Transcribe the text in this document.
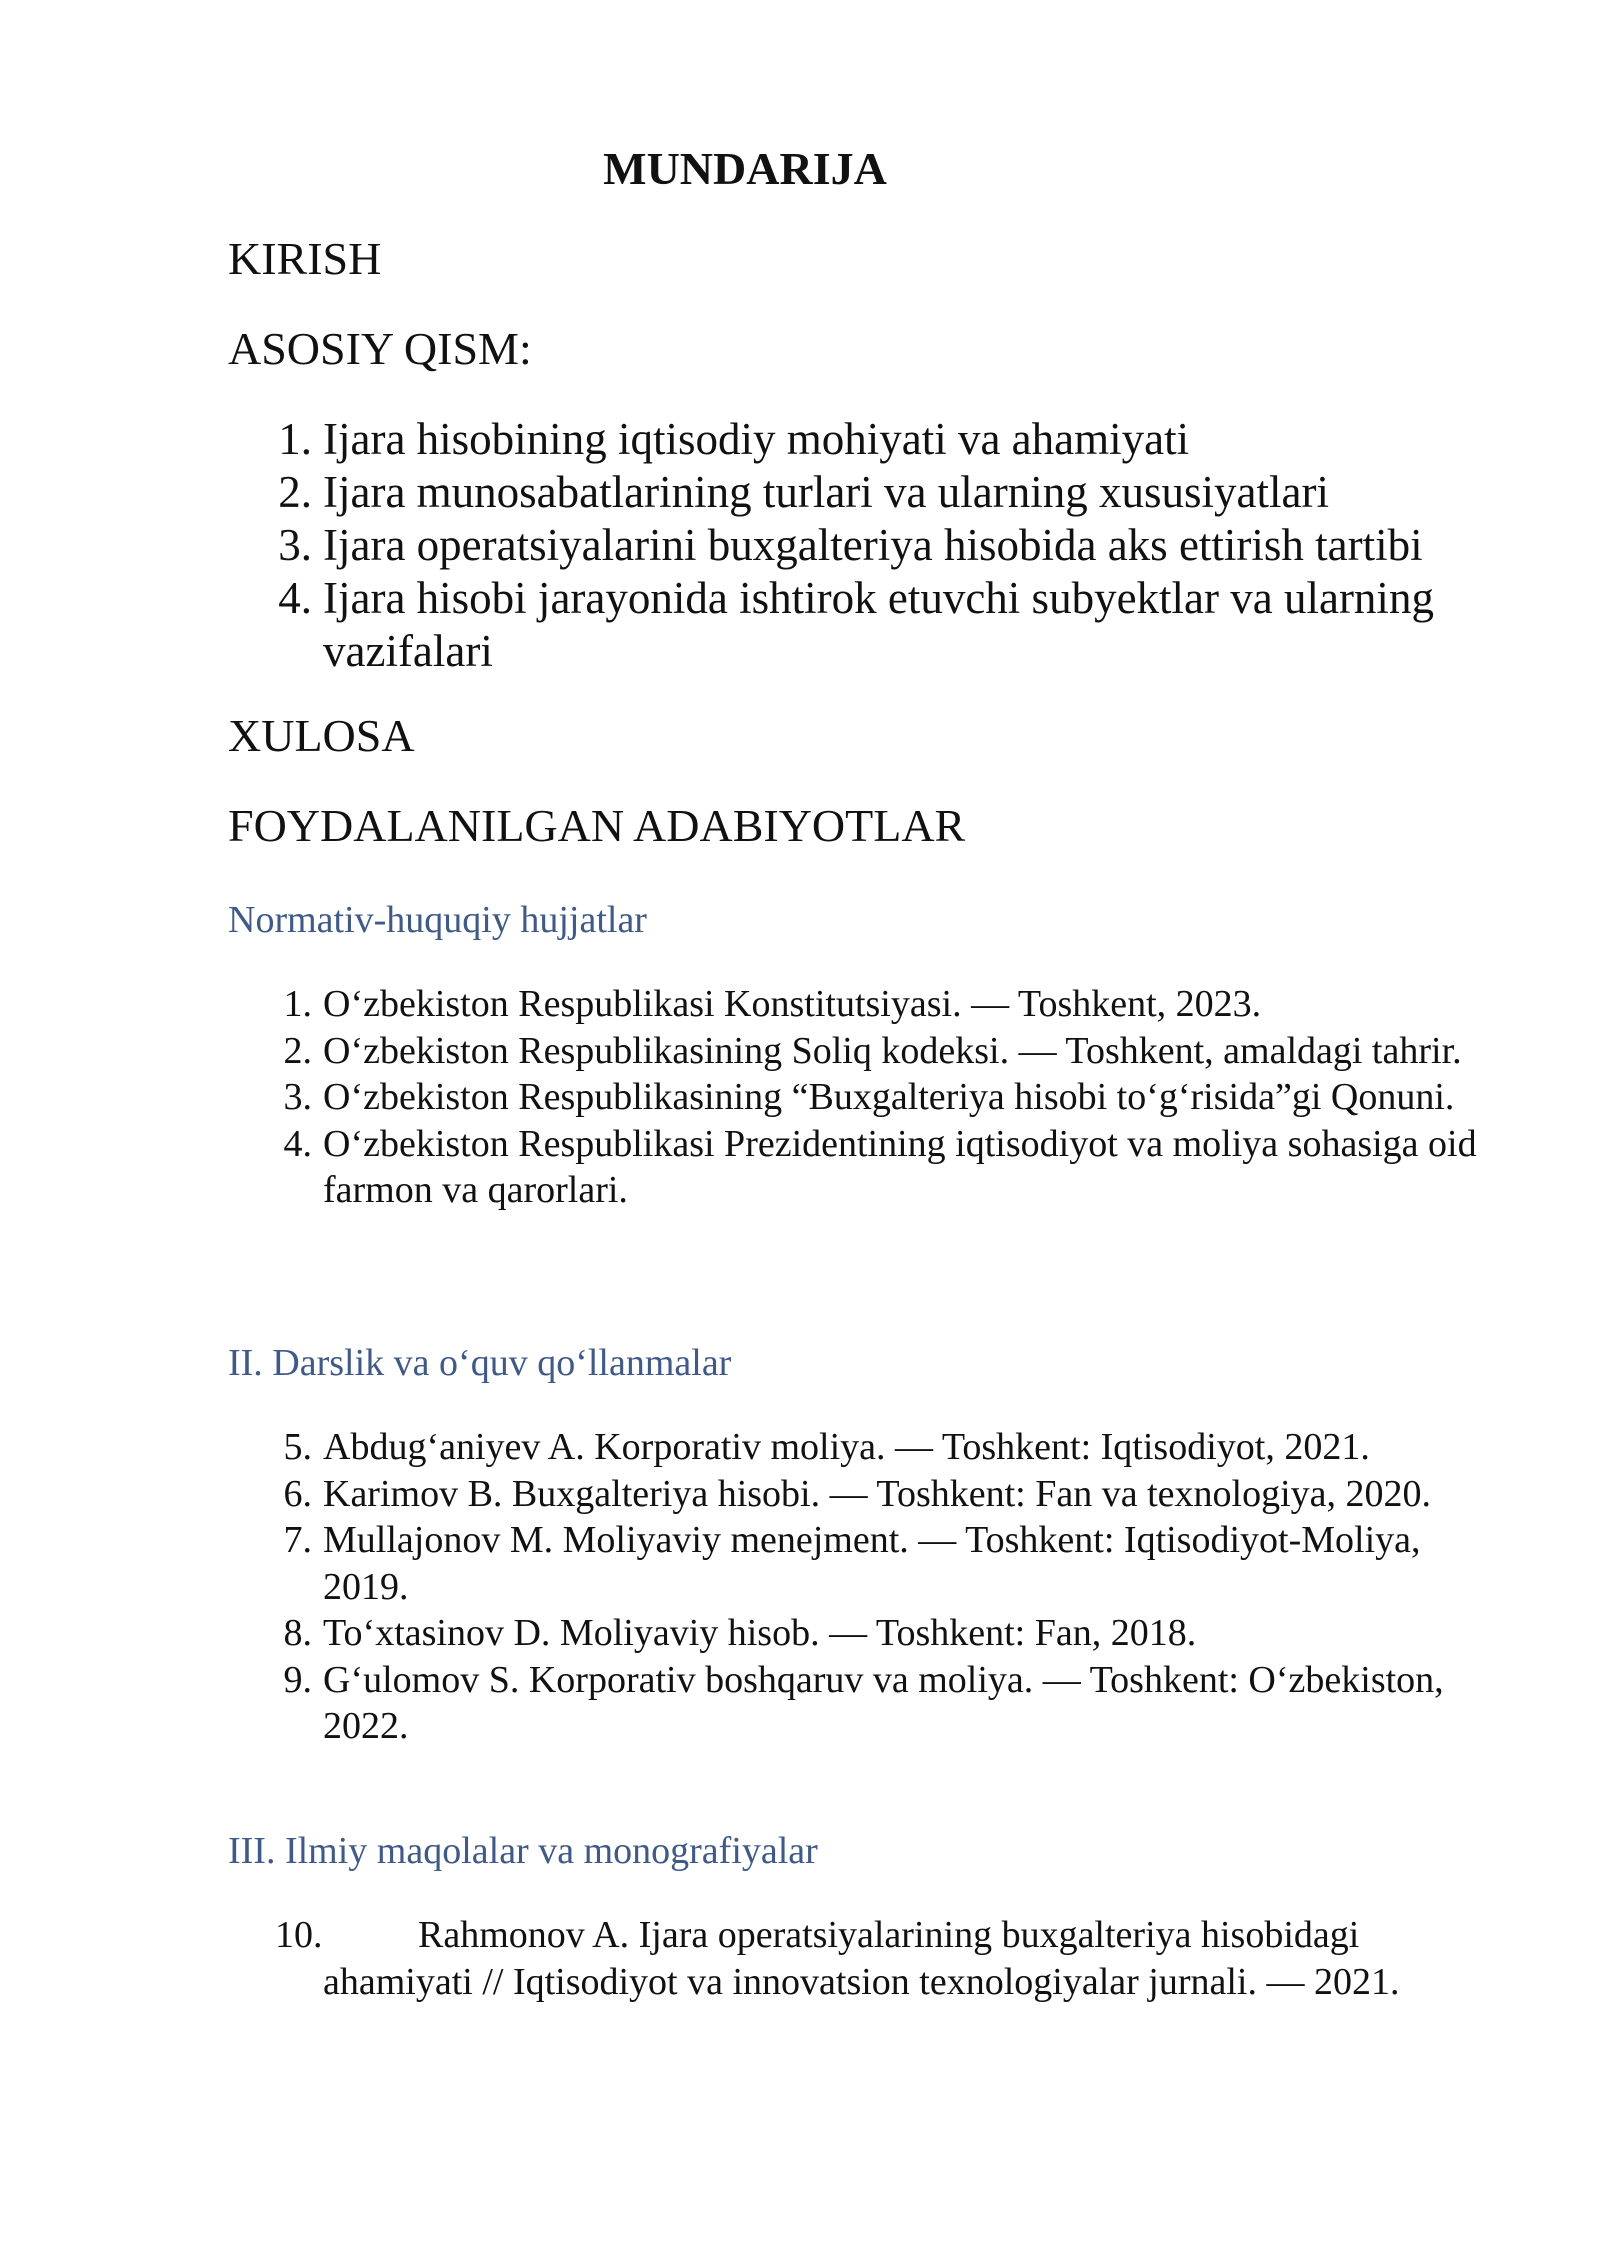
MUNDARIJA
KIRISH
ASOSIY QISM:
1. Ijara hisobining iqtisodiy mohiyati va ahamiyati
2. Ijara munosabatlarining turlari va ularning xususiyatlari
3. Ijara operatsiyalarini buxgalteriya hisobida aks ettirish tartibi
4. Ijara hisobi jarayonida ishtirok etuvchi subyektlar va ularning vazifalari
XULOSA
FOYDALANILGAN ADABIYOTLAR
Normativ-huquqiy hujjatlar
1. O‘zbekiston Respublikasi Konstitutsiyasi. — Toshkent, 2023.
2. O‘zbekiston Respublikasining Soliq kodeksi. — Toshkent, amaldagi tahrir.
3. O‘zbekiston Respublikasining “Buxgalteriya hisobi to‘g‘risida”gi Qonuni.
4. O‘zbekiston Respublikasi Prezidentining iqtisodiyot va moliya sohasiga oid farmon va qarorlari.
II. Darslik va o‘quv qo‘llanmalar
5. Abdug‘aniyev A. Korporativ moliya. — Toshkent: Iqtisodiyot, 2021.
6. Karimov B. Buxgalteriya hisobi. — Toshkent: Fan va texnologiya, 2020.
7. Mullajonov M. Moliyaviy menejment. — Toshkent: Iqtisodiyot-Moliya, 2019.
8. To‘xtasinov D. Moliyaviy hisob. — Toshkent: Fan, 2018.
9. G‘ulomov S. Korporativ boshqaruv va moliya. — Toshkent: O‘zbekiston, 2022.
III. Ilmiy maqolalar va monografiyalar
10.	Rahmonov A. Ijara operatsiyalarining buxgalteriya hisobidagi ahamiyati // Iqtisodiyot va innovatsion texnologiyalar jurnali. — 2021.
